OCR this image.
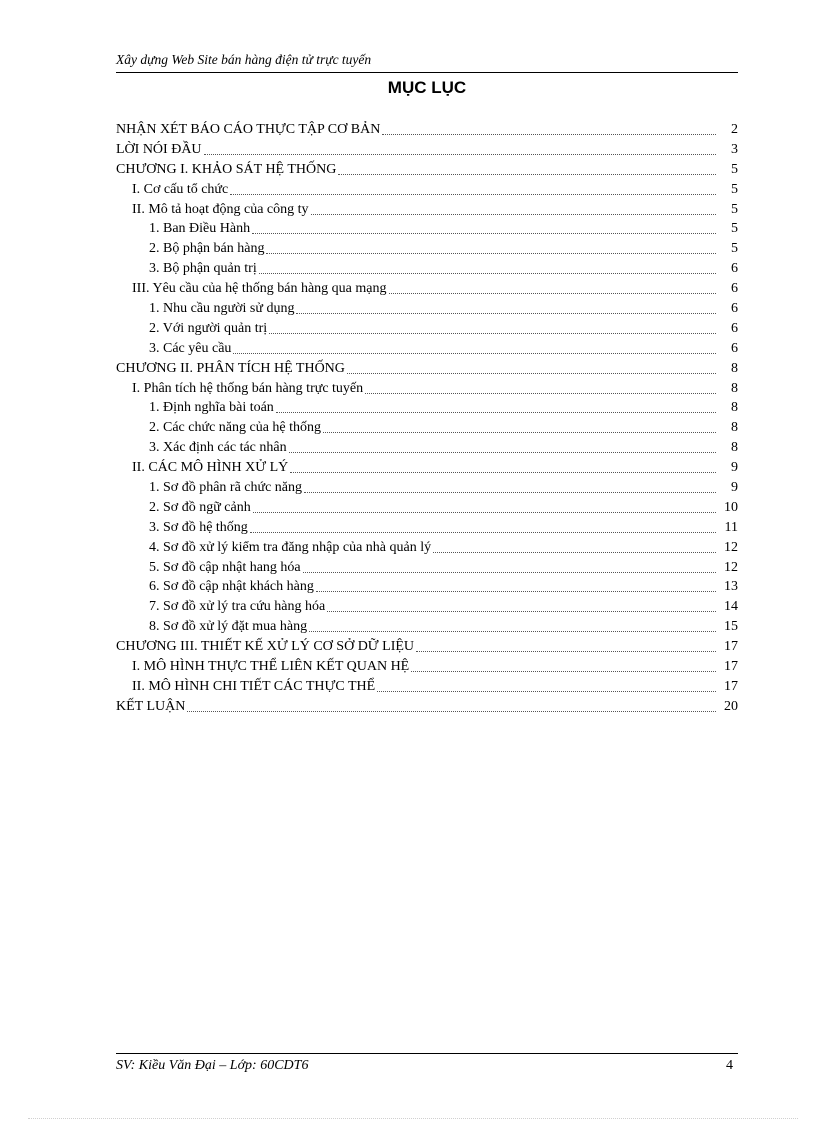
Xây dựng Web Site bán hàng điện tử trực tuyến
MỤC LỤC
NHẬN XÉT BÁO CÁO THỰC TẬP CƠ BẢN	2
LỜI NÓI ĐẦU	3
CHƯƠNG I. KHẢO SÁT HỆ THỐNG	5
I. Cơ cấu tổ chức	5
II. Mô tả hoạt động của công ty	5
1. Ban Điều Hành	5
2. Bộ phận bán hàng	5
3. Bộ phận quản trị	6
III. Yêu cầu của hệ thống bán hàng qua mạng	6
1. Nhu cầu người sử dụng	6
2. Với người quản trị	6
3. Các yêu cầu	6
CHƯƠNG II. PHÂN TÍCH HỆ THỐNG	8
I. Phân tích hệ thống bán hàng trực tuyến	8
1. Định nghĩa bài toán	8
2. Các chức năng của hệ thống	8
3. Xác định các tác nhân	8
II. CÁC MÔ HÌNH XỬ LÝ	9
1. Sơ đồ phân rã chức năng	9
2. Sơ đồ ngữ cảnh	10
3. Sơ đồ hệ thống	11
4. Sơ đồ xử lý kiểm tra đăng nhập của nhà quản lý	12
5. Sơ đồ cập nhật hang hóa	12
6. Sơ đồ cập nhật khách hàng	13
7. Sơ đồ xử lý tra cứu hàng hóa	14
8. Sơ đồ xử lý đặt mua hàng	15
CHƯƠNG III. THIẾT KẾ XỬ LÝ CƠ SỞ DỮ LIỆU	17
I. MÔ HÌNH THỰC THỂ LIÊN KẾT QUAN HỆ	17
II. MÔ HÌNH CHI TIẾT CÁC THỰC THỂ	17
KẾT LUẬN	20
SV: Kiều Văn Đại – Lớp: 60CDT6	4
